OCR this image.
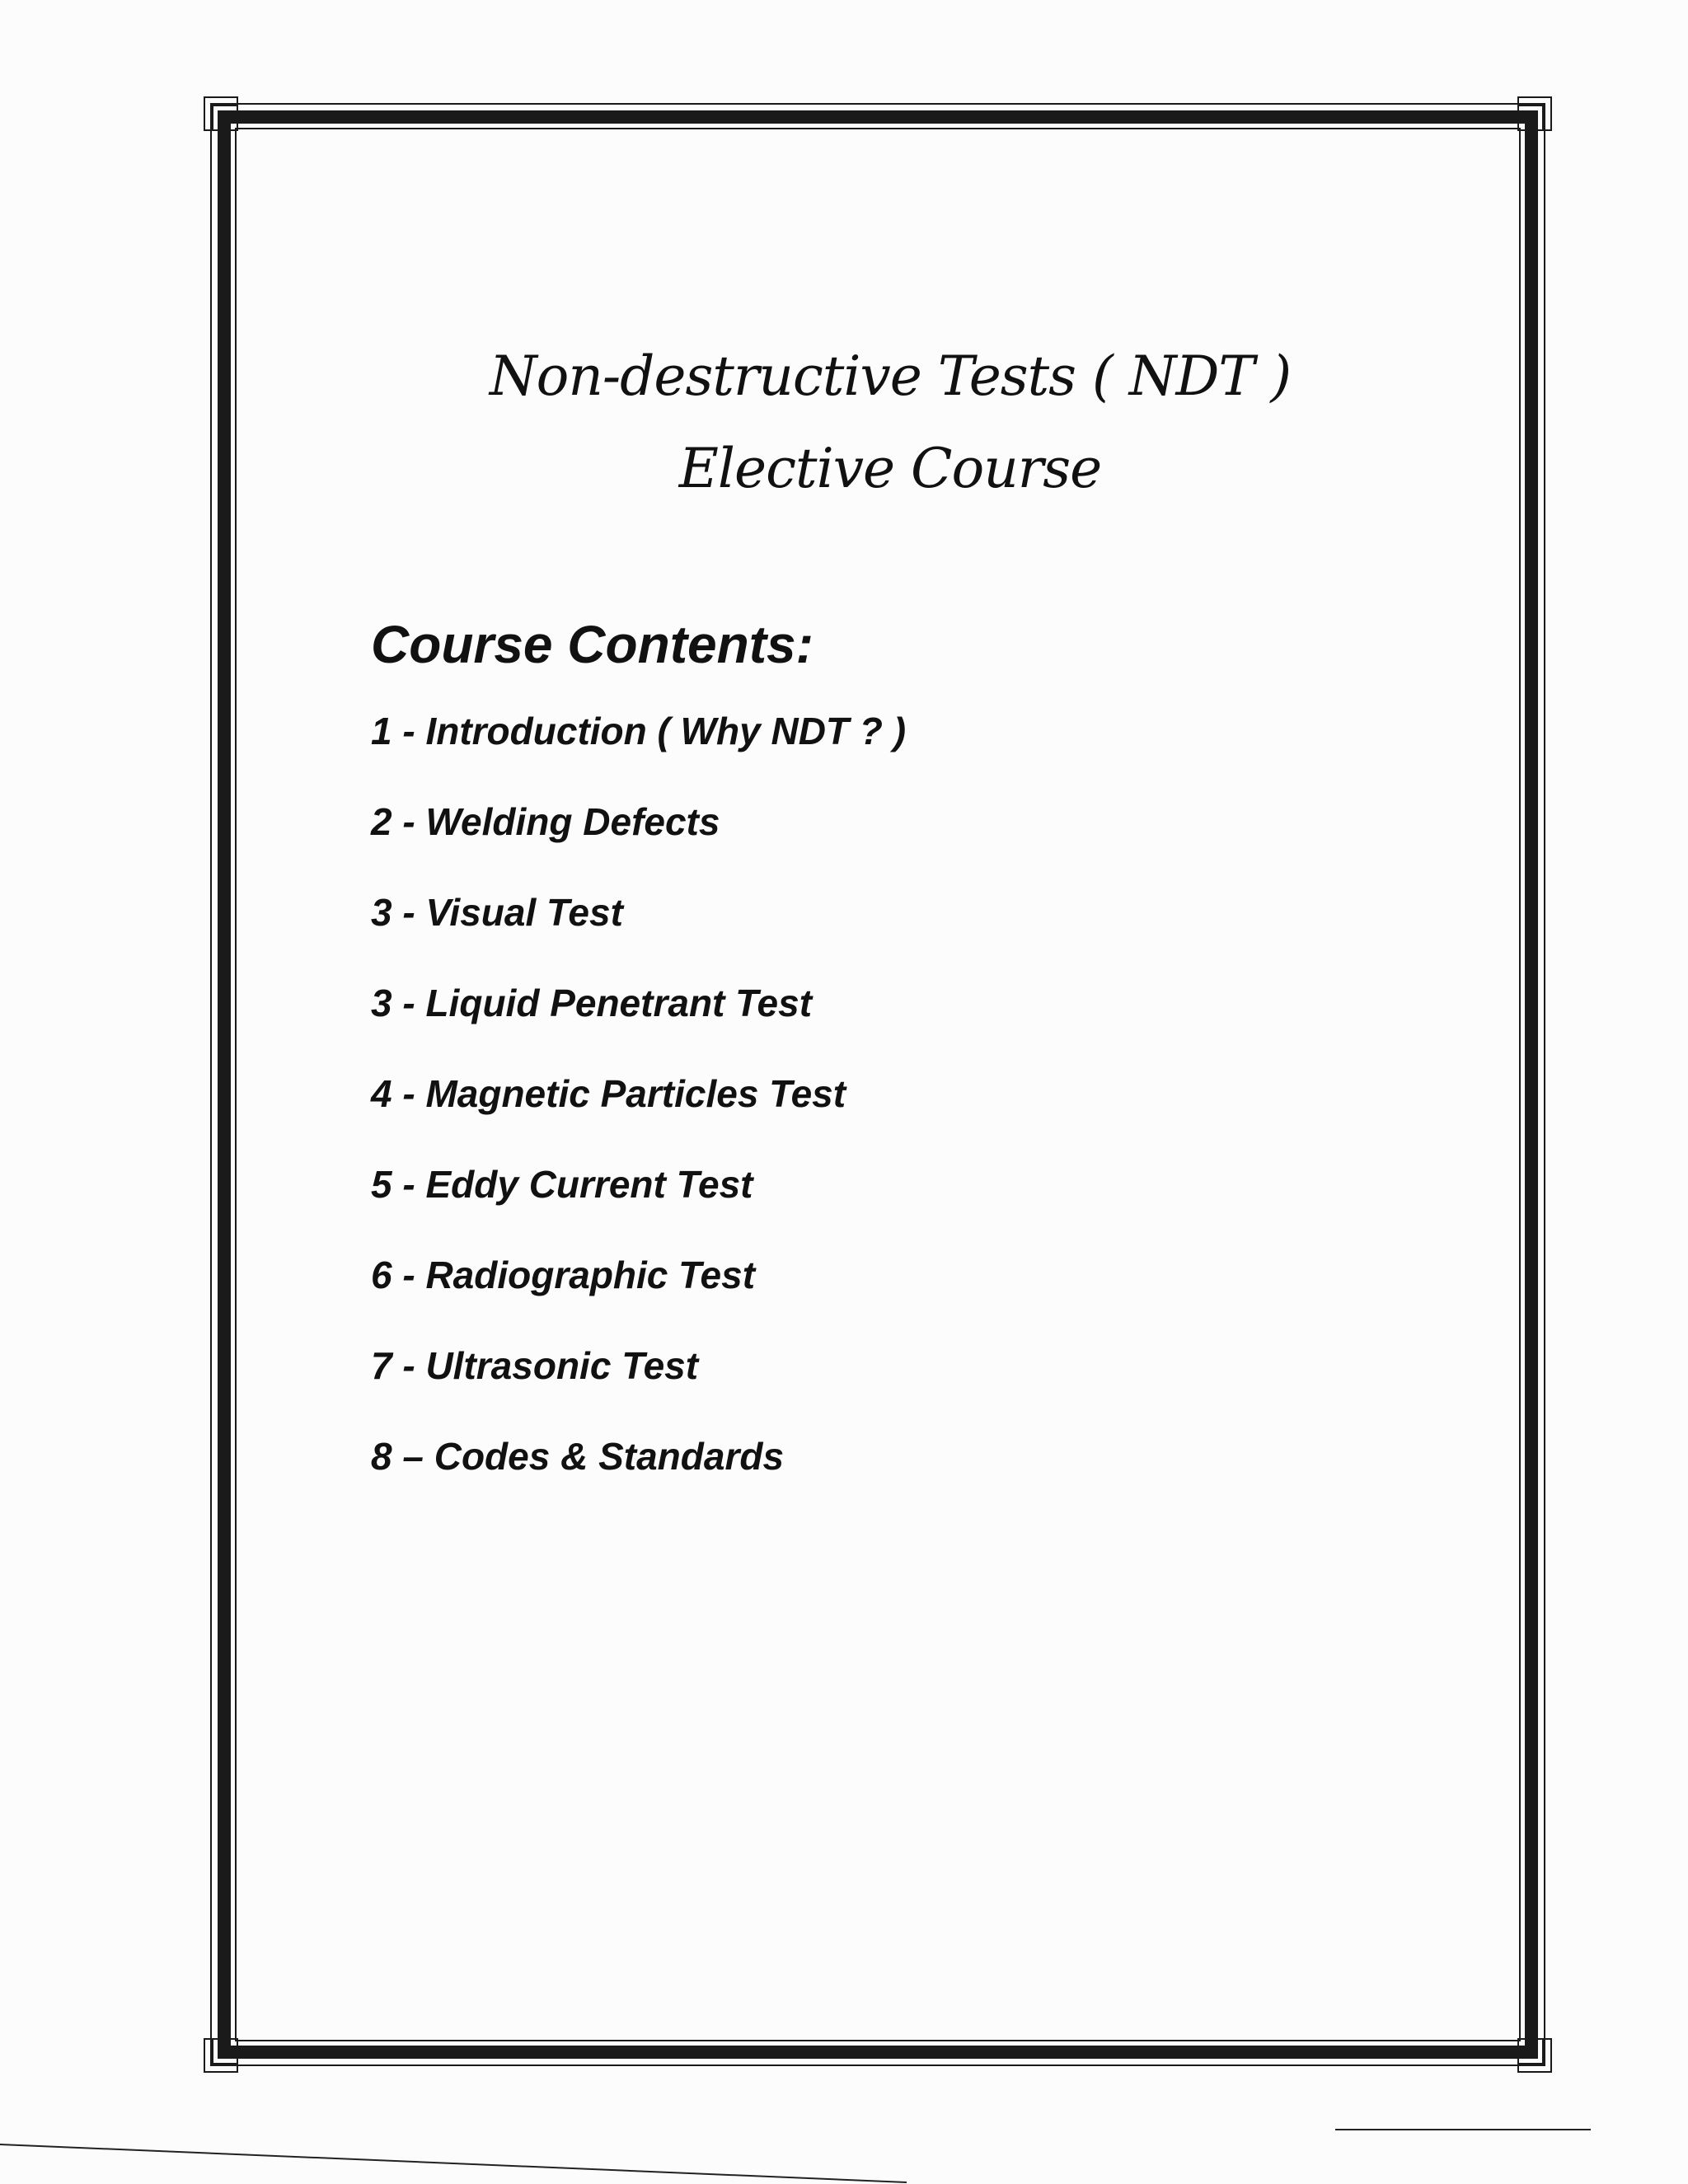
Non-destructive Tests ( NDT )
Elective Course
Course Contents:
1 - Introduction ( Why NDT ? )
2 - Welding Defects
3 - Visual Test
3 - Liquid Penetrant Test
4 - Magnetic Particles Test
5 - Eddy Current Test
6 - Radiographic Test
7 - Ultrasonic Test
8 – Codes & Standards
